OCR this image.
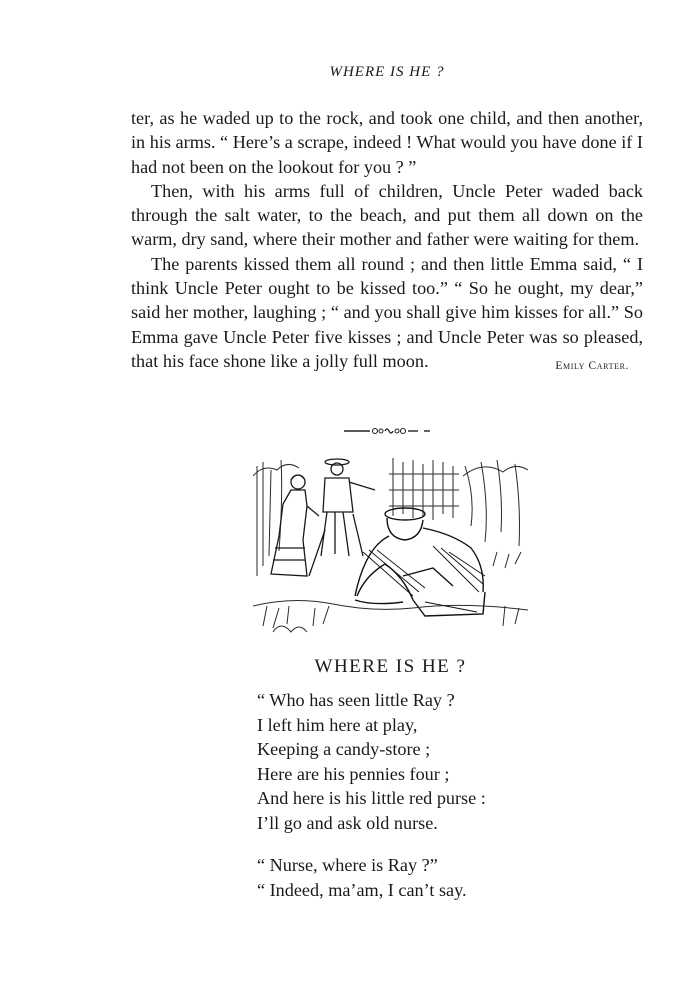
WHERE IS HE ?

ter, as he waded up to the rock, and took one child, and then another, in his arms. “ Here’s a scrape, indeed ! What would you have done if I had not been on the lookout for you ? ”

Then, with his arms full of children, Uncle Peter waded back through the salt water, to the beach, and put them all down on the warm, dry sand, where their mother and father were waiting for them.

The parents kissed them all round ; and then little Emma said, “ I think Uncle Peter ought to be kissed too.” “ So he ought, my dear,” said her mother, laughing ; “ and you shall give him kisses for all.” So Emma gave Uncle Peter five kisses ; and Uncle Peter was so pleased, that his face shone like a jolly full moon.	Emily Carter.

WHERE IS HE ?
“ Who has seen little Ray ?
I left him here at play,
Keeping a candy-store ;
Here are his pennies four ;
And here is his little red purse :
I’ll go and ask old nurse.
“ Nurse, where is Ray ?”
“ Indeed, ma’am, I can’t say.
